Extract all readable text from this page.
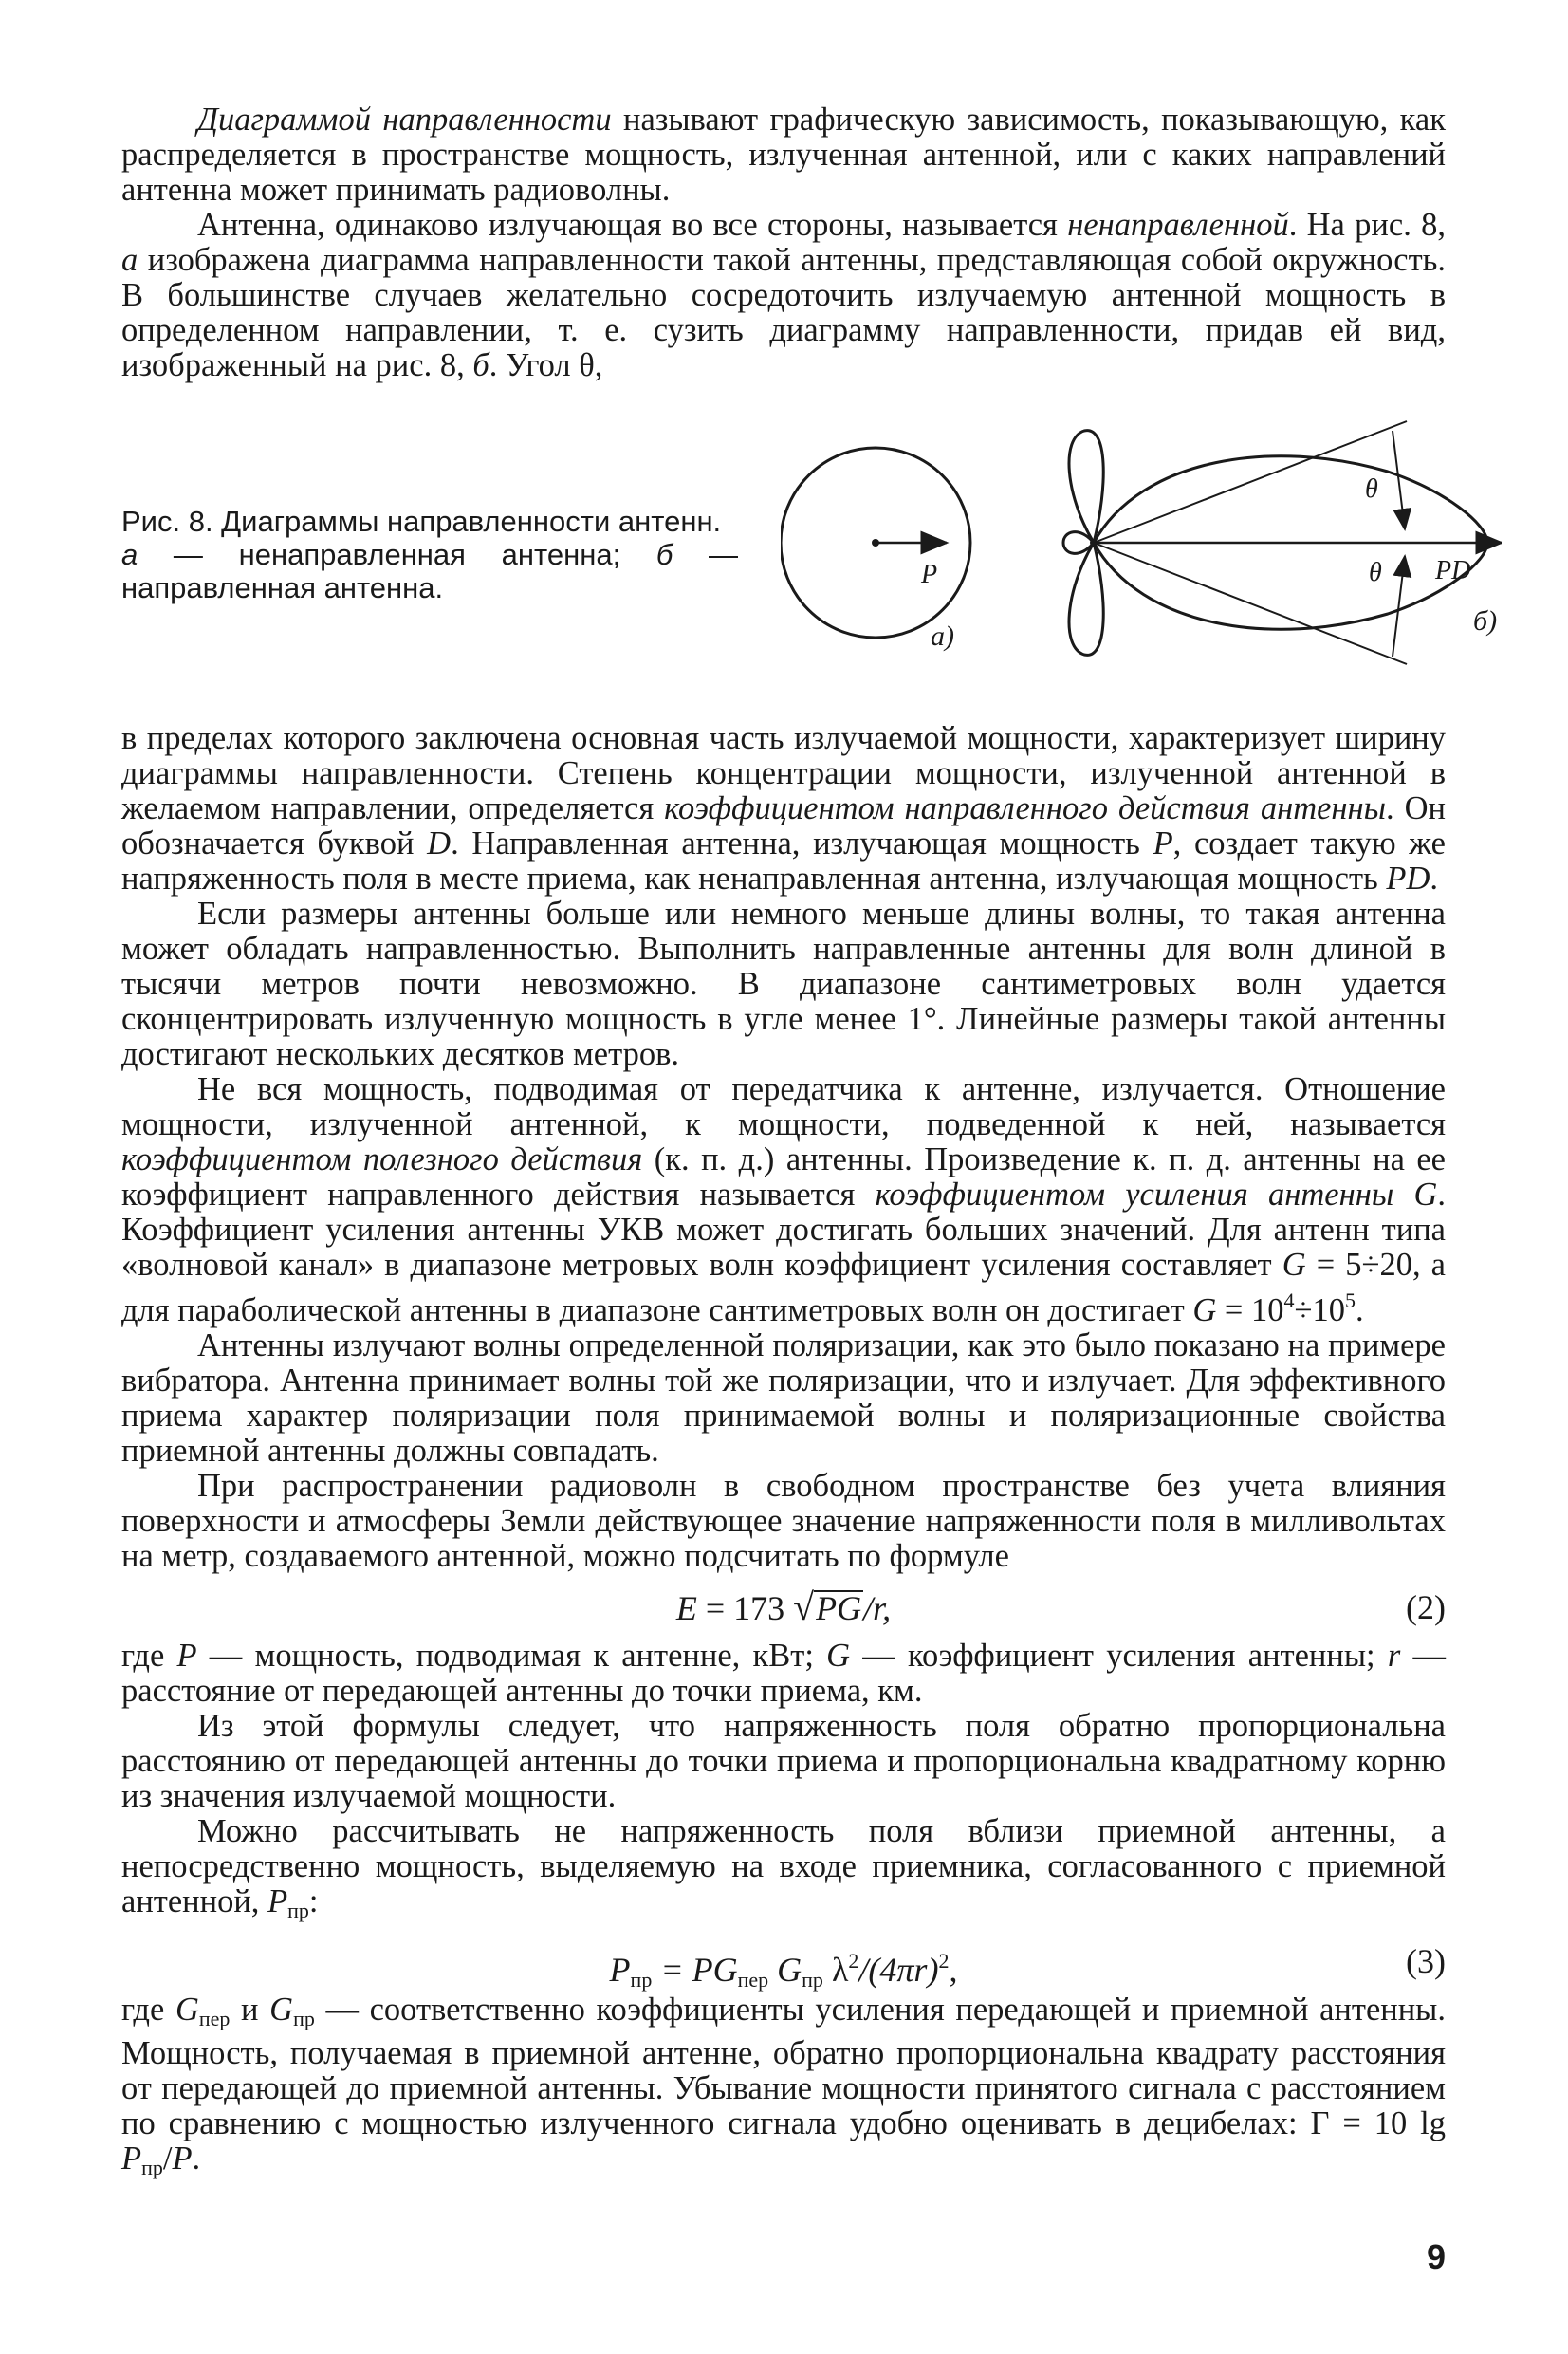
Диаграммой направленности называют графическую зависимость, показывающую, как распределяется в пространстве мощность, излученная антенной, или с каких направлений антенна может принимать радиоволны.

Антенна, одинаково излучающая во все стороны, называется ненаправленной. На рис. 8, а изображена диаграмма направленности такой антенны, представляющая собой окружность. В большинстве случаев желательно сосредоточить излучаемую антенной мощность в определенном направлении, т. е. сузить диаграмму направленности, придав ей вид, изображенный на рис. 8, б. Угол θ,

Рис. 8. Диаграммы направленности антенн.
а — ненаправленная антенна; б — направленная антенна.	P
а)
θ
θ PD
б)

в пределах которого заключена основная часть излучаемой мощности, характеризует ширину диаграммы направленности. Степень концентрации мощности, излученной антенной в желаемом направлении, определяется коэффициентом направленного действия антенны. Он обозначается буквой D. Направленная антенна, излучающая мощность P, создает такую же напряженность поля в месте приема, как ненаправленная антенна, излучающая мощность PD.

Если размеры антенны больше или немного меньше длины волны, то такая антенна может обладать направленностью. Выполнить направленные антенны для волн длиной в тысячи метров почти невозможно. В диапазоне сантиметровых волн удается сконцентрировать излученную мощность в угле менее 1°. Линейные размеры такой антенны достигают нескольких десятков метров.

Не вся мощность, подводимая от передатчика к антенне, излучается. Отношение мощности, излученной антенной, к мощности, подведенной к ней, называется коэффициентом полезного действия (к. п. д.) антенны. Произведение к. п. д. антенны на ее коэффициент направленного действия называется коэффициентом усиления антенны G. Коэффициент усиления антенны УКВ может достигать больших значений. Для антенн типа «волновой канал» в диапазоне метровых волн коэффициент усиления составляет G = 5÷20, а для параболической антенны в диапазоне сантиметровых волн он достигает $G = 10^4\div 10^5$.

Антенны излучают волны определенной поляризации, как это было показано на примере вибратора. Антенна принимает волны той же поляризации, что и излучает. Для эффективного приема характер поляризации поля принимаемой волны и поляризационные свойства приемной антенны должны совпадать.

При распространении радиоволн в свободном пространстве без учета влияния поверхности и атмосферы Земли действующее значение напряженности поля в милливольтах на метр, создаваемого антенной, можно подсчитать по формуле

E = 173 √PG/r,	(2)

где P — мощность, подводимая к антенне, кВт; G — коэффициент усиления антенны; r — расстояние от передающей антенны до точки приема, км.

Из этой формулы следует, что напряженность поля обратно пропорциональна расстоянию от передающей антенны до точки приема и пропорциональна квадратному корню из значения излучаемой мощности.

Можно рассчитывать не напряженность поля вблизи приемной антенны, а непосредственно мощность, выделяемую на входе приемника, согласованного с приемной антенной, $P_{пр}$:

$P_{пр} = PG_{пер}$ $G_{пр}$ $\lambda^2/(4\pi r)^2$,	(3)

где $G_{пер}$ и $G_{пр}$ — соответственно коэффициенты усиления передающей и приемной антенны. Мощность, получаемая в приемной антенне, обратно пропорциональна квадрату расстояния от передающей до приемной антенны. Убывание мощности принятого сигнала с расстоянием по сравнению с мощностью излученного сигнала удобно оценивать в децибелах: Г = 10 $\lg P_{пр}/P$.

9
